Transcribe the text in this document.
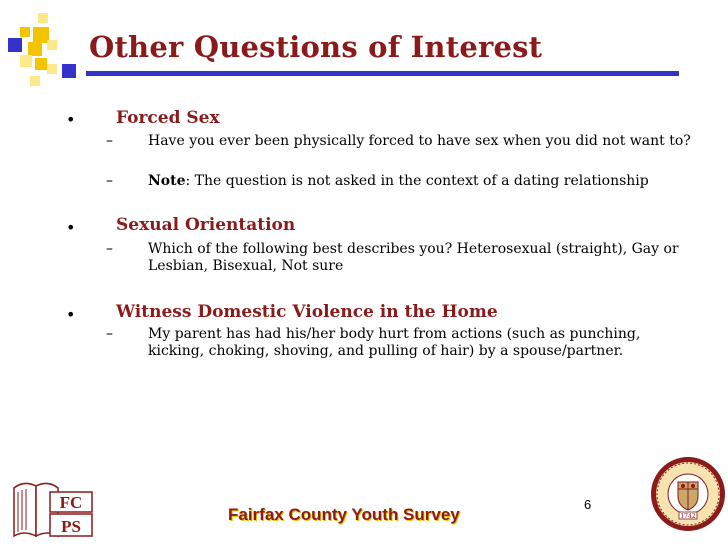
Other Questions of Interest
• Forced Sex
–	Have you ever been physically forced to have sex when you did not want to?
–	Note: The question is not asked in the context of a dating relationship
• Sexual Orientation
–	Which of the following best describes you? Heterosexual (straight), Gay or Lesbian, Bisexual, Not sure
• Witness Domestic Violence in the Home
–	My parent has had his/her body hurt from actions (such as punching, kicking, choking, shoving, and pulling of hair) by a spouse/partner.
6
Fairfax County Youth Survey
FC
PS
1742
